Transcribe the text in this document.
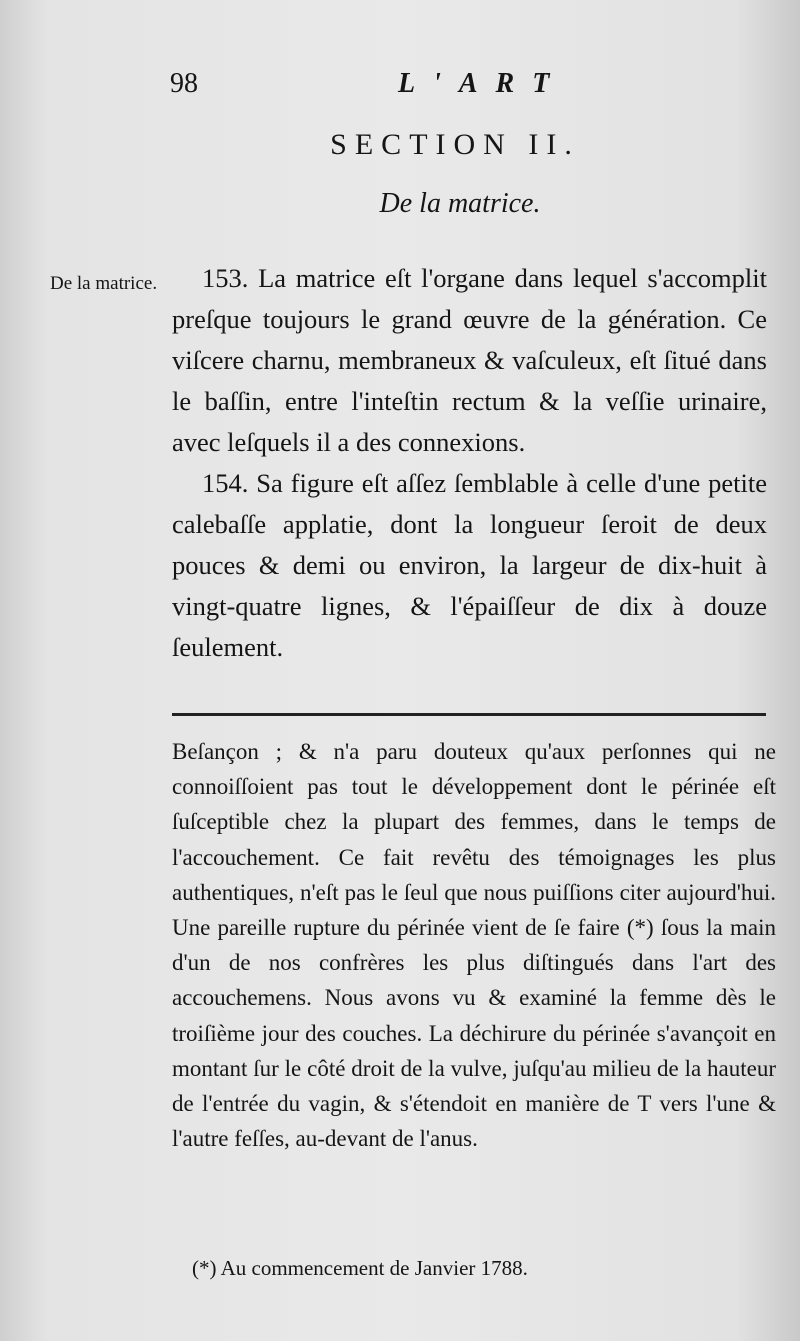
98	L'ART
SECTION II.
De la matrice.
De la matrice.	153. La matrice eſt l'organe dans lequel s'accomplit preſque toujours le grand œuvre de la génération. Ce viſcere charnu, membraneux & vaſculeux, eſt ſitué dans le baſſin, entre l'inteſtin rectum & la veſſie urinaire, avec leſquels il a des connexions.

154. Sa figure eſt aſſez ſemblable à celle d'une petite calebaſſe applatie, dont la longueur ſeroit de deux pouces & demi ou environ, la largeur de dix-huit à vingt-quatre lignes, & l'épaiſſeur de dix à douze ſeulement.

Beſançon ; & n'a paru douteux qu'aux perſonnes qui ne connoiſſoient pas tout le développement dont le périnée eſt ſuſceptible chez la plupart des femmes, dans le temps de l'accouchement. Ce fait revêtu des témoignages les plus authentiques, n'eſt pas le ſeul que nous puiſſions citer aujourd'hui. Une pareille rupture du périnée vient de ſe faire (*) ſous la main d'un de nos confrères les plus diſtingués dans l'art des accouchemens. Nous avons vu & examiné la femme dès le troiſième jour des couches. La déchirure du périnée s'avançoit en montant ſur le côté droit de la vulve, juſqu'au milieu de la hauteur de l'entrée du vagin, & s'étendoit en manière de T vers l'une & l'autre feſſes, au-devant de l'anus.

(*) Au commencement de Janvier 1788.
